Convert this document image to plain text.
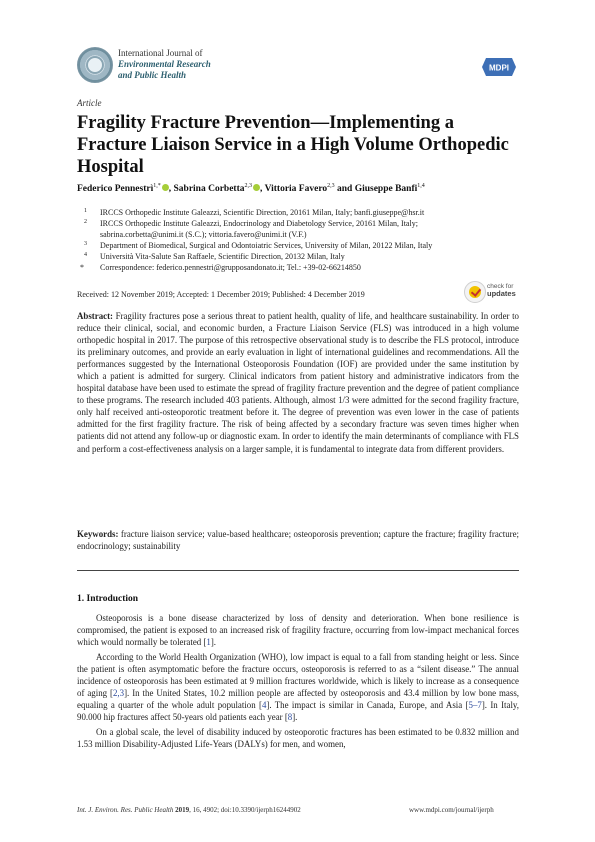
International Journal of
Environmental Research
and Public Health
MDPI
Article
Fragility Fracture Prevention—Implementing a Fracture Liaison Service in a High Volume Orthopedic Hospital
Federico Pennestrì$^{1,*}$ , Sabrina Corbetta$^{2,3}$ , Vittoria Favero$^{2,3}$ and Giuseppe Banfi$^{1,4}$
1 IRCCS Orthopedic Institute Galeazzi, Scientific Direction, 20161 Milan, Italy; banfi.giuseppe@hsr.it
2 IRCCS Orthopedic Institute Galeazzi, Endocrinology and Diabetology Service, 20161 Milan, Italy;
sabrina.corbetta@unimi.it (S.C.); vittoria.favero@unimi.it (V.F.)
3 Department of Biomedical, Surgical and Odontoiatric Services, University of Milan, 20122 Milan, Italy
4 Università Vita-Salute San Raffaele, Scientific Direction, 20132 Milan, Italy
* Correspondence: federico.pennestri@grupposandonato.it; Tel.: +39-02-66214850
Received: 12 November 2019; Accepted: 1 December 2019; Published: 4 December 2019
check for
updates
Abstract: Fragility fractures pose a serious threat to patient health, quality of life, and healthcare sustainability. In order to reduce their clinical, social, and economic burden, a Fracture Liaison Service (FLS) was introduced in a high volume orthopedic hospital in 2017. The purpose of this retrospective observational study is to describe the FLS protocol, introduce its preliminary outcomes, and provide an early evaluation in light of international guidelines and recommendations. All the performances suggested by the International Osteoporosis Foundation (IOF) are provided under the same institution by which a patient is admitted for surgery. Clinical indicators from patient history and administrative indicators from the hospital database have been used to estimate the spread of fragility fracture prevention and the degree of patient compliance to these programs. The research included 403 patients. Although, almost 1/3 were admitted for the second fragility fracture, only half received anti-osteoporotic treatment before it. The degree of prevention was even lower in the case of patients admitted for the first fragility fracture. The risk of being affected by a secondary fracture was seven times higher when patients did not attend any follow-up or diagnostic exam. In order to identify the main determinants of compliance with FLS and perform a cost-effectiveness analysis on a larger sample, it is fundamental to integrate data from different providers.
Keywords: fracture liaison service; value-based healthcare; osteoporosis prevention; capture the fracture; fragility fracture; endocrinology; sustainability
1. Introduction

Osteoporosis is a bone disease characterized by loss of density and deterioration. When bone resilience is compromised, the patient is exposed to an increased risk of fragility fracture, occurring from low-impact mechanical forces which would normally be tolerated [1].

According to the World Health Organization (WHO), low impact is equal to a fall from standing height or less. Since the patient is often asymptomatic before the fracture occurs, osteoporosis is referred to as a “silent disease.” The annual incidence of osteoporosis has been estimated at 9 million fractures worldwide, which is likely to increase as a consequence of aging [2,3]. In the United States, 10.2 million people are affected by osteoporosis and 43.4 million by low bone mass, equaling a quarter of the whole adult population [4]. The impact is similar in Canada, Europe, and Asia [5–7]. In Italy, 90.000 hip fractures affect 50-years old patients each year [8].

On a global scale, the level of disability induced by osteoporotic fractures has been estimated to be 0.832 million and 1.53 million Disability-Adjusted Life-Years (DALYs) for men, and women,

Int. J. Environ. Res. Public Health 2019, 16, 4902; doi:10.3390/ijerph16244902	www.mdpi.com/journal/ijerph
